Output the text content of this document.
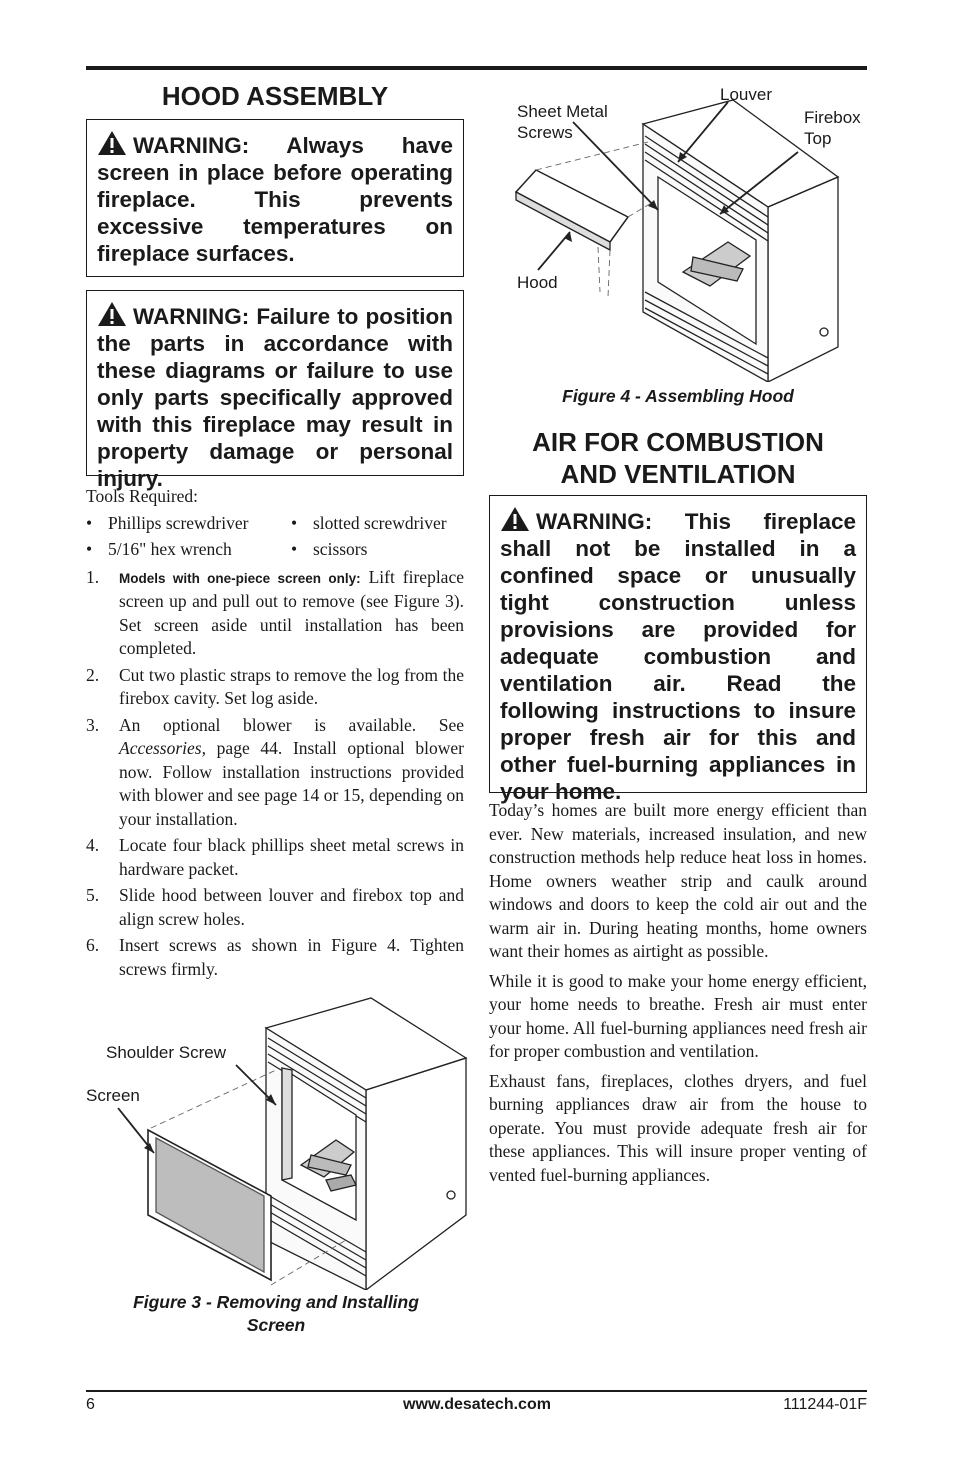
HOOD ASSEMBLY
WARNING: Always have screen in place before operating fireplace. This prevents excessive temperatures on fireplace surfaces.
WARNING: Failure to position the parts in accordance with these diagrams or failure to use only parts specifically approved with this fireplace may result in property damage or personal injury.
Tools Required:
• Phillips screwdriver	• slotted screwdriver
• 5/16" hex wrench	• scissors
1. Models with one-piece screen only: Lift fireplace screen up and pull out to remove (see Figure 3). Set screen aside until installation has been completed.
2. Cut two plastic straps to remove the log from the firebox cavity. Set log aside.
3. An optional blower is available. See Accessories, page 44. Install optional blower now. Follow installation instructions provided with blower and see page 14 or 15, depending on your installation.
4. Locate four black phillips sheet metal screws in hardware packet.
5. Slide hood between louver and firebox top and align screw holes.
6. Insert screws as shown in Figure 4. Tighten screws firmly.
Shoulder Screw
Screen
Figure 3 - Removing and Installing
Screen
Louver
Sheet Metal
Screws
Firebox
Top
Hood
Figure 4 - Assembling Hood
AIR FOR COMBUSTION
AND VENTILATION
WARNING: This fireplace shall not be installed in a confined space or unusually tight construction unless provisions are provided for adequate combustion and ventilation air. Read the following instructions to insure proper fresh air for this and other fuel-burning appliances in your home.

Today’s homes are built more energy efficient than ever. New materials, increased insulation, and new construction methods help reduce heat loss in homes. Home owners weather strip and caulk around windows and doors to keep the cold air out and the warm air in. During heating months, home owners want their homes as airtight as possible.

While it is good to make your home energy efficient, your home needs to breathe. Fresh air must enter your home. All fuel-burning appliances need fresh air for proper combustion and ventilation.

Exhaust fans, fireplaces, clothes dryers, and fuel burning appliances draw air from the house to operate. You must provide adequate fresh air for these appliances. This will insure proper venting of vented fuel-burning appliances.

6	www.desatech.com	111244-01F
